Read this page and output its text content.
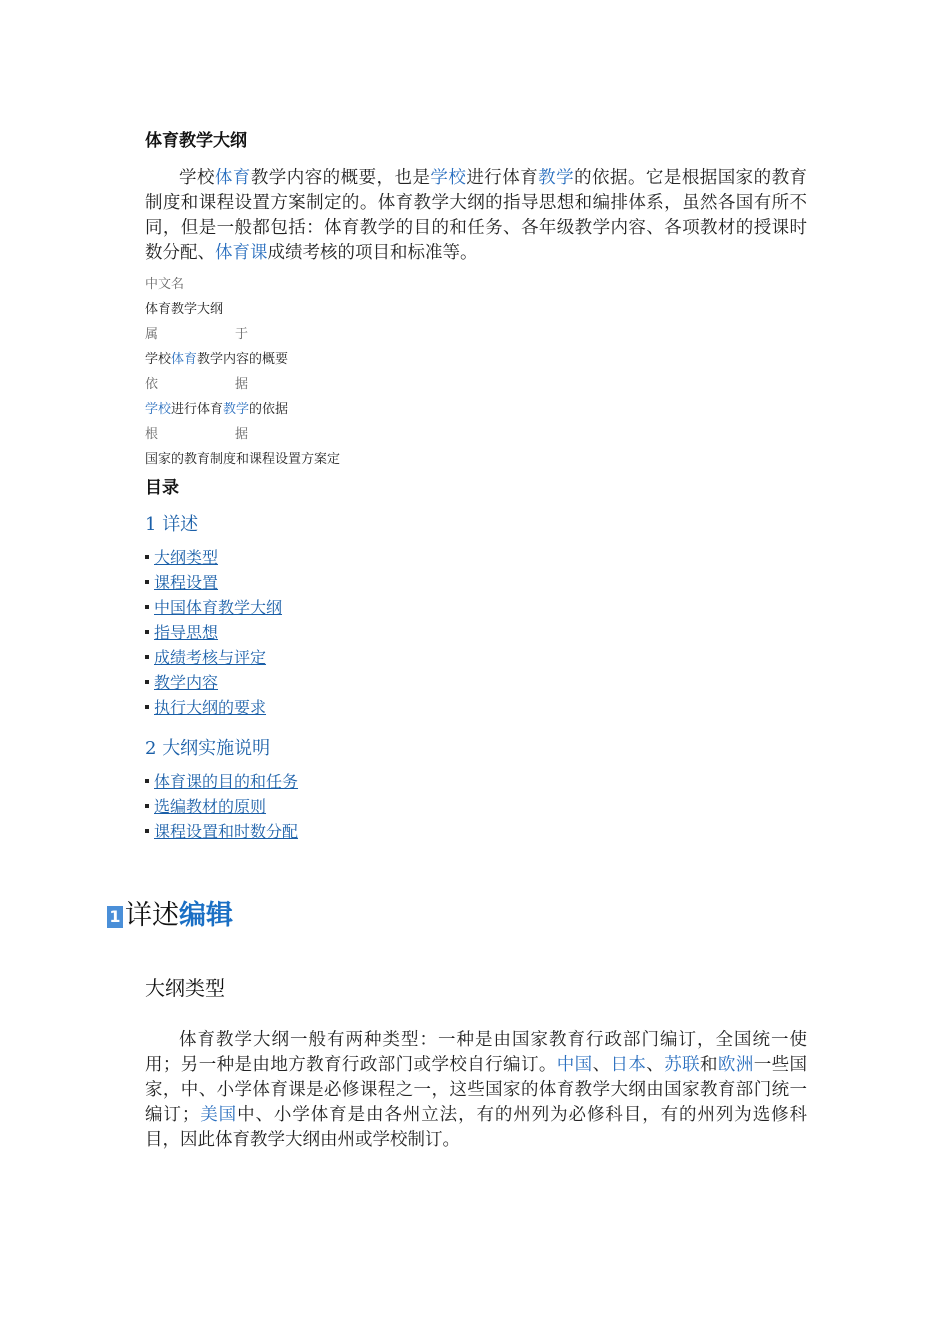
体育教学大纲

学校体育教学内容的概要，也是学校进行体育教学的依据。它是根据国家的教育制度和课程设置方案制定的。体育教学大纲的指导思想和编排体系，虽然各国有所不同，但是一般都包括：体育教学的目的和任务、各年级教学内容、各项教材的授课时数分配、体育课成绩考核的项目和标准等。

中文名
体育教学大纲
属	于
学校体育教学内容的概要
依	据
学校进行体育教学的依据
根	据
国家的教育制度和课程设置方案定
目录
1 详述
大纲类型
课程设置
中国体育教学大纲
指导思想
成绩考核与评定
教学内容
执行大纲的要求
2 大纲实施说明
体育课的目的和任务
选编教材的原则
课程设置和时数分配
1 详述编辑
大纲类型

体育教学大纲一般有两种类型：一种是由国家教育行政部门编订，全国统一使用；另一种是由地方教育行政部门或学校自行编订。中国、日本、苏联和欧洲一些国家，中、小学体育课是必修课程之一，这些国家的体育教学大纲由国家教育部门统一编订；美国中、小学体育是由各州立法，有的州列为必修科目，有的州列为选修科目，因此体育教学大纲由州或学校制订。
